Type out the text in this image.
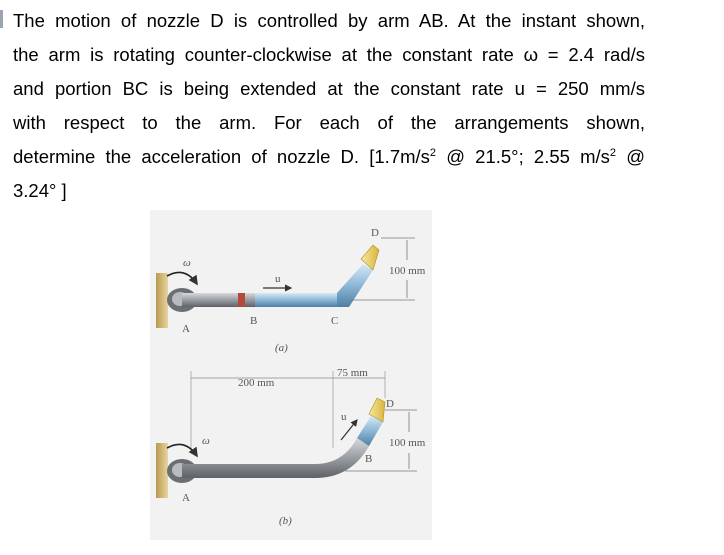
The motion of nozzle D is controlled by arm AB. At the instant shown,
the arm is rotating counter-clockwise at the constant rate ω = 2.4 rad/s
and portion BC is being extended at the constant rate u = 250 mm/s
with respect to the arm. For each of the arrangements shown,
determine the acceleration of nozzle D. [$1.7m/s^2$ @ 21.5°; 2.55 $m/s^2$ @
3.24° ]
ω
u
A
B	C
D
100 mm
(a)
200 mm
75 mm
ω
u
A
B
D
100 mm
(b)
